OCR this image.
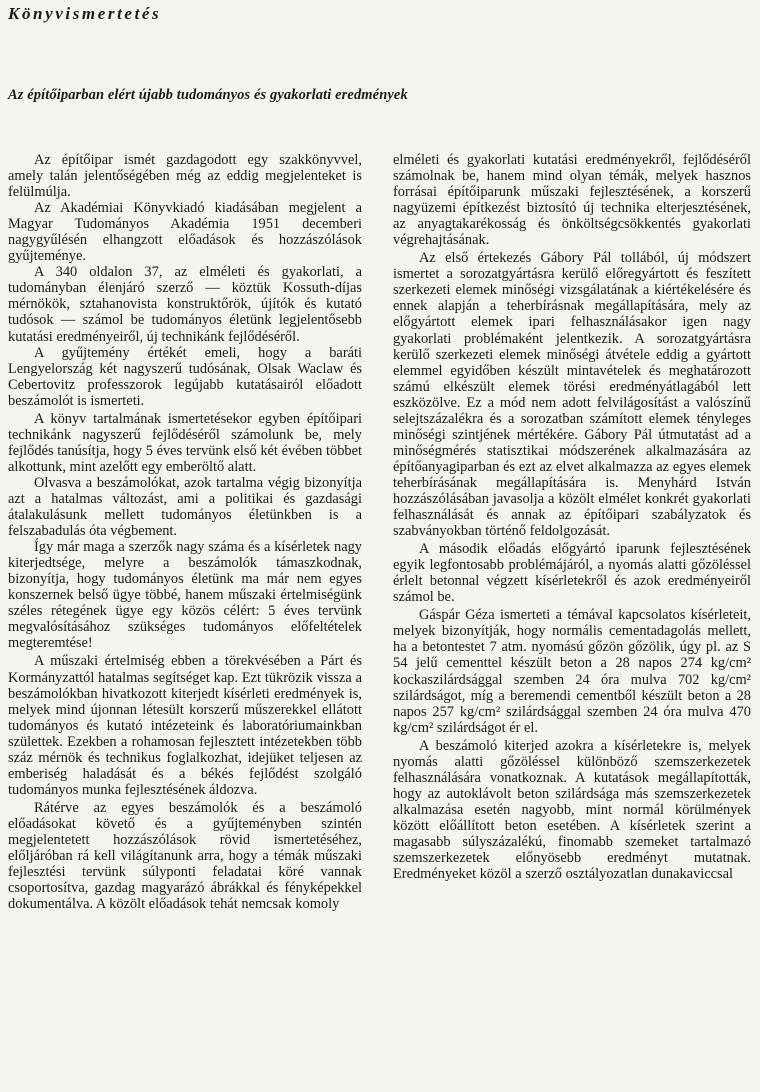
Könyvismertetés
Az építőiparban elért újabb tudományos és gyakorlati eredmények

Az építőipar ismét gazdagodott egy szakkönyvvel, amely talán jelentőségében még az eddig megjelenteket is felülmúlja.

Az Akadémiai Könyvkiadó kiadásában megjelent a Magyar Tudományos Akadémia 1951 decemberi nagygyűlésén elhangzott előadások és hozzászólások gyűjteménye.

A 340 oldalon 37, az elméleti és gyakorlati, a tudományban élenjáró szerző — köztük Kossuth-díjas mérnökök, sztahanovista konstruktőrök, újítók és kutató tudósok — számol be tudományos életünk legjelentősebb kutatási eredményeiről, új technikánk fejlődéséről.

A gyűjtemény értékét emeli, hogy a baráti Lengyelország két nagyszerű tudósának, Olsak Waclaw és Cebertovitz professzorok legújabb kutatásairól előadott beszámolót is ismerteti.

A könyv tartalmának ismertetésekor egyben építőipari technikánk nagyszerű fejlődéséről számolunk be, mely fejlődés tanúsítja, hogy 5 éves tervünk első két évében többet alkottunk, mint azelőtt egy emberöltő alatt.

Olvasva a beszámolókat, azok tartalma végig bizonyítja azt a hatalmas változást, ami a politikai és gazdasági átalakulásunk mellett tudományos életünkben is a felszabadulás óta végbement.

Így már maga a szerzők nagy száma és a kísérletek nagy kiterjedtsége, melyre a beszámolók támaszkodnak, bizonyítja, hogy tudományos életünk ma már nem egyes konszernek belső ügye többé, hanem műszaki értelmiségünk széles rétegének ügye egy közös célért: 5 éves tervünk megvalósításához szükséges tudományos előfeltételek megteremtése!

A műszaki értelmiség ebben a törekvésében a Párt és Kormányzattól hatalmas segítséget kap. Ezt tükrözik vissza a beszámolókban hivatkozott kiterjedt kísérleti eredmények is, melyek mind újonnan létesült korszerű műszerekkel ellátott tudományos és kutató intézeteink és laboratóriumainkban születtek. Ezekben a rohamosan fejlesztett intézetekben több száz mérnök és technikus foglalkozhat, idejüket teljesen az emberiség haladását és a békés fejlődést szolgáló tudományos munka fejlesztésének áldozva.

Rátérve az egyes beszámolók és a beszámoló előadásokat követő és a gyűjteményben szintén megjelentetett hozzászólások rövid ismertetéséhez, előljáróban rá kell világítanunk arra, hogy a témák műszaki fejlesztési tervünk súlyponti feladatai köré vannak csoportosítva, gazdag magyarázó ábrákkal és fényképekkel dokumentálva. A közölt előadások tehát nemcsak komoly

elméleti és gyakorlati kutatási eredményekről, fejlődéséről számolnak be, hanem mind olyan témák, melyek hasznos forrásai építőiparunk műszaki fejlesztésének, a korszerű nagyüzemi építkezést biztosító új technika elterjesztésének, az anyagtakarékosság és önköltségcsökkentés gyakorlati végrehajtásának.

Az első értekezés Gábory Pál tollából, új módszert ismertet a sorozatgyártásra kerülő előregyártott és feszített szerkezeti elemek minőségi vizsgálatának a kiértékelésére és ennek alapján a teherbírásnak megállapítására, mely az előgyártott elemek ipari felhasználásakor igen nagy gyakorlati problémaként jelentkezik. A sorozatgyártásra kerülő szerkezeti elemek minőségi átvétele eddig a gyártott elemmel egyidőben készült mintavételek és meghatározott számú elkészült elemek törési eredményátlagából lett eszközölve. Ez a mód nem adott felvilágosítást a valószínű selejtszázalékra és a sorozatban számított elemek tényleges minőségi szintjének mértékére. Gábory Pál útmutatást ad a minőségmérés statisztikai módszerének alkalmazására az építőanyagiparban és ezt az elvet alkalmazza az egyes elemek teherbírásának megállapítására is. Menyhárd István hozzászólásában javasolja a közölt elmélet konkrét gyakorlati felhasználását és annak az építőipari szabályzatok és szabványokban történő feldolgozását.

A második előadás előgyártó iparunk fejlesztésének egyik legfontosabb problémájáról, a nyomás alatti gőzöléssel érlelt betonnal végzett kísérletekről és azok eredményeiről számol be.

Gáspár Géza ismerteti a témával kapcsolatos kísérleteit, melyek bizonyítják, hogy normális cementadagolás mellett, ha a betontestet 7 atm. nyomású gőzön gőzölik, úgy pl. az S 54 jelű cementtel készült beton a 28 napos 274 kg/cm² kockaszilárdsággal szemben 24 óra mulva 702 kg/cm² szilárdságot, míg a beremendi cementből készült beton a 28 napos 257 kg/cm² szilárdsággal szemben 24 óra mulva 470 kg/cm² szilárdságot ér el.

A beszámoló kiterjed azokra a kísérletekre is, melyek nyomás alatti gőzöléssel különböző szemszerkezetek felhasználására vonatkoznak. A kutatások megállapították, hogy az autoklávolt beton szilárdsága más szemszerkezetek alkalmazása esetén nagyobb, mint normál körülmények között előállított beton esetében. A kísérletek szerint a magasabb súlyszázalékú, finomabb szemeket tartalmazó szemszerkezetek előnyösebb eredményt mutatnak. Eredményeket közöl a szerző osztályozatlan dunakaviccsal
